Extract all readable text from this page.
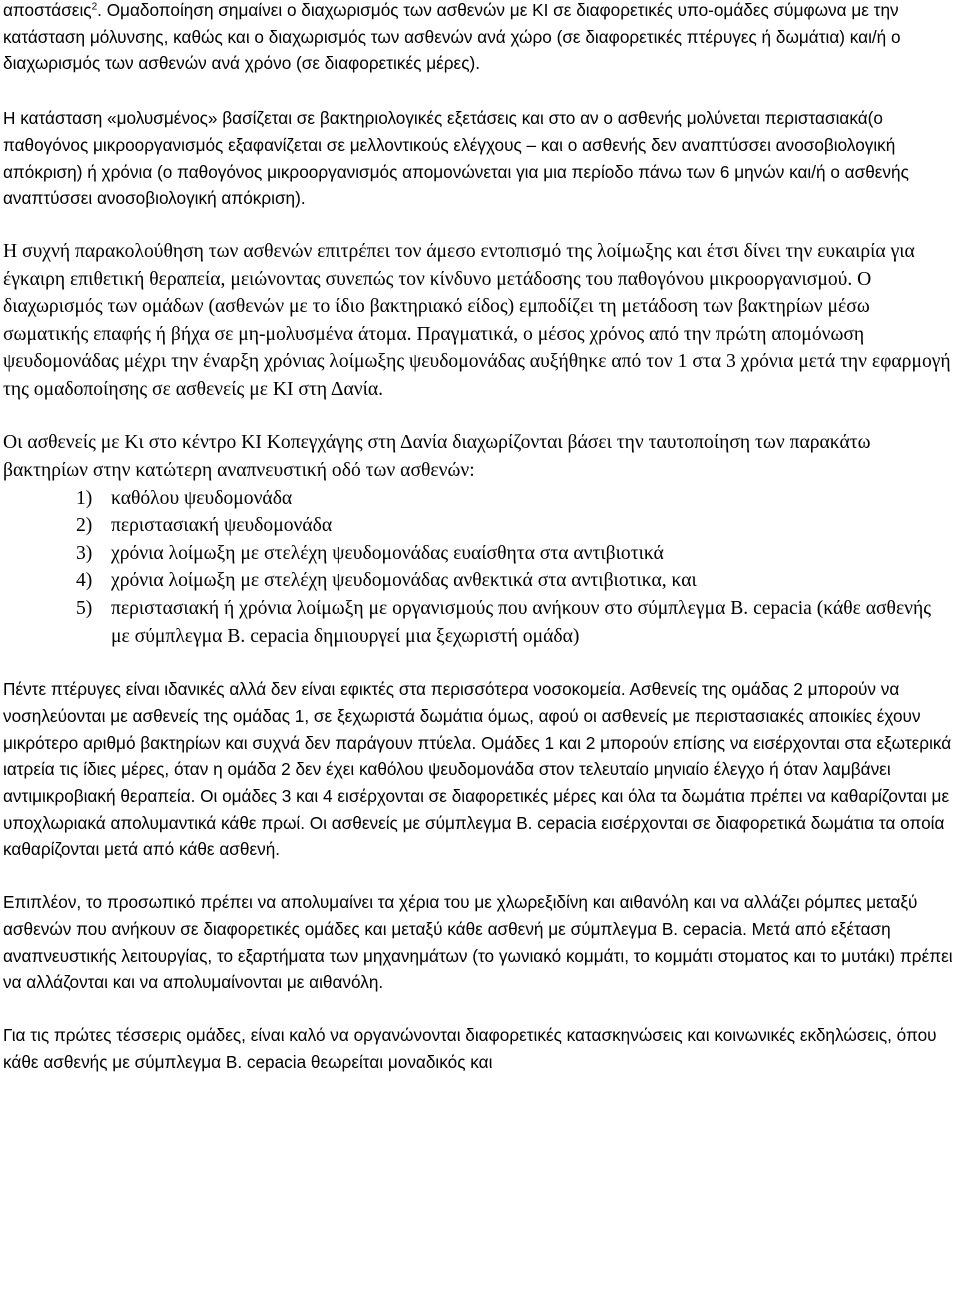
αποστάσεις$^2$. Ομαδοποίηση σημαίνει ο διαχωρισμός των ασθενών με ΚΙ σε διαφορετικές υπο-ομάδες σύμφωνα με την κατάσταση μόλυνσης, καθώς και ο διαχωρισμός των ασθενών ανά χώρο (σε διαφορετικές πτέρυγες ή δωμάτια) και/ή ο διαχωρισμός των ασθενών ανά χρόνο (σε διαφορετικές μέρες).

Η κατάσταση «μολυσμένος» βασίζεται σε βακτηριολογικές εξετάσεις και στο αν ο ασθενής μολύνεται περιστασιακά(ο παθογόνος μικροοργανισμός εξαφανίζεται σε μελλοντικούς ελέγχους – και ο ασθενής δεν αναπτύσσει ανοσοβιολογική απόκριση) ή χρόνια (ο παθογόνος μικροοργανισμός απομονώνεται για μια περίοδο πάνω των 6 μηνών και/ή ο ασθενής αναπτύσσει ανοσοβιολογική απόκριση).

Η συχνή παρακολούθηση των ασθενών επιτρέπει τον άμεσο εντοπισμό της λοίμωξης και έτσι δίνει την ευκαιρία για έγκαιρη επιθετική θεραπεία, μειώνοντας συνεπώς τον κίνδυνο μετάδοσης του παθογόνου μικροοργανισμού. Ο διαχωρισμός των ομάδων (ασθενών με το ίδιο βακτηριακό είδος) εμποδίζει τη μετάδοση των βακτηρίων μέσω σωματικής επαφής ή βήχα σε μη-μολυσμένα άτομα. Πραγματικά, ο μέσος χρόνος από την πρώτη απομόνωση ψευδομονάδας μέχρι την έναρξη χρόνιας λοίμωξης ψευδομονάδας αυξήθηκε από τον 1 στα 3 χρόνια μετά την εφαρμογή της ομαδοποίησης σε ασθενείς με ΚΙ στη Δανία.

Οι ασθενείς με Κι στο κέντρο ΚΙ Κοπεγχάγης στη Δανία διαχωρίζονται βάσει την ταυτοποίηση των παρακάτω βακτηρίων στην κατώτερη αναπνευστική οδό των ασθενών:

1) καθόλου ψευδομονάδα
2) περιστασιακή ψευδομονάδα
3) χρόνια λοίμωξη με στελέχη ψευδομονάδας ευαίσθητα στα αντιβιοτικά
4) χρόνια λοίμωξη με στελέχη ψευδομονάδας ανθεκτικά στα αντιβιοτικα, και
5) περιστασιακή ή χρόνια λοίμωξη με οργανισμούς που ανήκουν στο σύμπλεγμα B. cepacia (κάθε ασθενής με σύμπλεγμα B. cepacia δημιουργεί μια ξεχωριστή ομάδα)

Πέντε πτέρυγες είναι ιδανικές αλλά δεν είναι εφικτές στα περισσότερα νοσοκομεία. Ασθενείς της ομάδας 2 μπορούν να νοσηλεύονται με ασθενείς της ομάδας 1, σε ξεχωριστά δωμάτια όμως, αφού οι ασθενείς με περιστασιακές αποικίες έχουν μικρότερο αριθμό βακτηρίων και συχνά δεν παράγουν πτύελα. Ομάδες 1 και 2 μπορούν επίσης να εισέρχονται στα εξωτερικά ιατρεία τις ίδιες μέρες, όταν η ομάδα 2 δεν έχει καθόλου ψευδομονάδα στον τελευταίο μηνιαίο έλεγχο ή όταν λαμβάνει αντιμικροβιακή θεραπεία. Οι ομάδες 3 και 4 εισέρχονται σε διαφορετικές μέρες και όλα τα δωμάτια πρέπει να καθαρίζονται με υποχλωριακά απολυμαντικά κάθε πρωί. Οι ασθενείς με σύμπλεγμα B. cepacia εισέρχονται σε διαφορετικά δωμάτια τα οποία καθαρίζονται μετά από κάθε ασθενή.

Επιπλέον, το προσωπικό πρέπει να απολυμαίνει τα χέρια του με χλωρεξιδίνη και αιθανόλη και να αλλάζει ρόμπες μεταξύ ασθενών που ανήκουν σε διαφορετικές ομάδες και μεταξύ κάθε ασθενή με σύμπλεγμα B. cepacia. Μετά από εξέταση αναπνευστικής λειτουργίας, το εξαρτήματα των μηχανημάτων (το γωνιακό κομμάτι, το κομμάτι στοματος και το μυτάκι) πρέπει να αλλάζονται και να απολυμαίνονται με αιθανόλη.

Για τις πρώτες τέσσερις ομάδες, είναι καλό να οργανώνονται διαφορετικές κατασκηνώσεις και κοινωνικές εκδηλώσεις, όπου κάθε ασθενής με σύμπλεγμα B. cepacia θεωρείται μοναδικός και
